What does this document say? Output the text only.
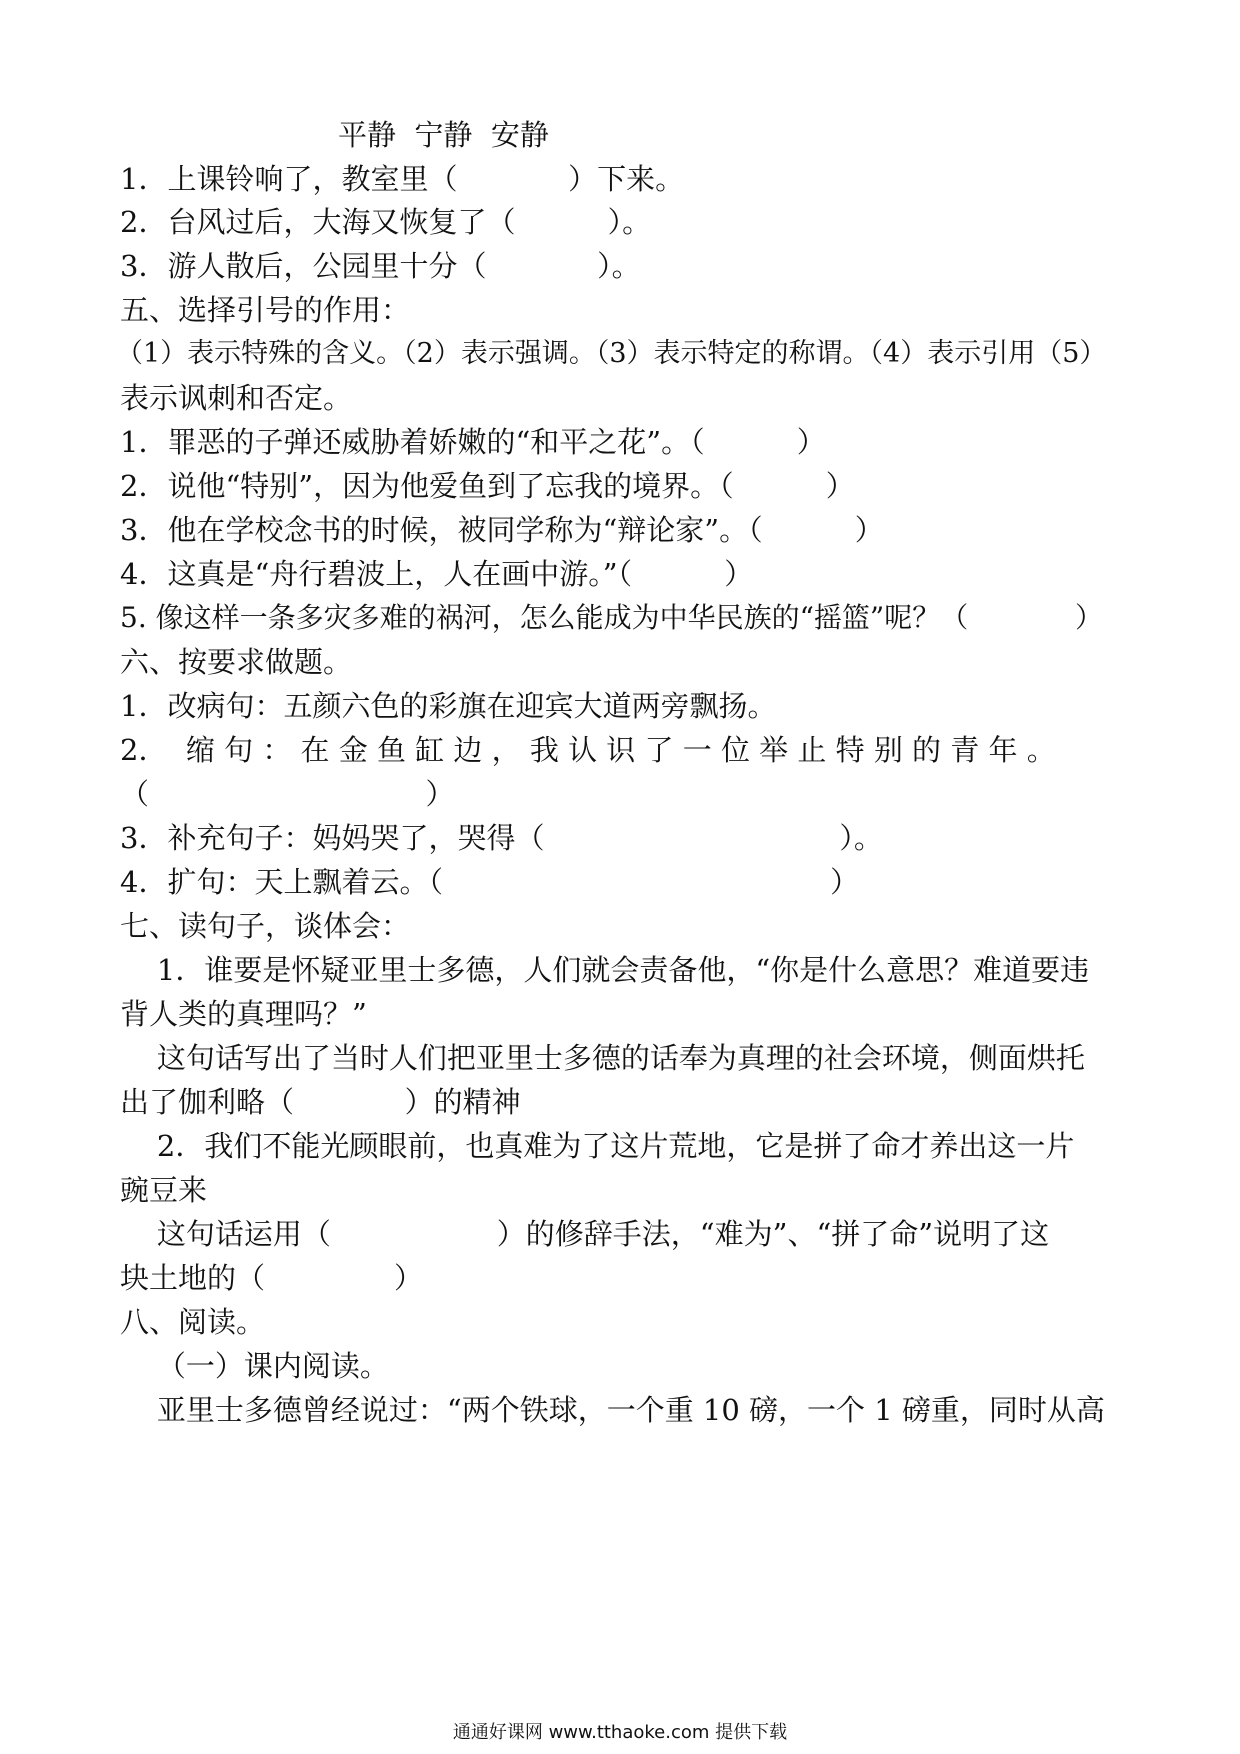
平静  宁静  安静
1．上课铃响了，教室里（            ）下来。
2．台风过后，大海又恢复了（          ）。
3．游人散后，公园里十分（            ）。
五、选择引号的作用：
（1）表示特殊的含义。（2）表示强调。（3）表示特定的称谓。（4）表示引用（5）
表示讽刺和否定。
1．罪恶的子弹还威胁着娇嫩的“和平之花”。（          ）
2．说他“特别”，因为他爱鱼到了忘我的境界。（          ）
3．他在学校念书的时候，被同学称为“辩论家”。（          ）
4．这真是“舟行碧波上，人在画中游。”（          ）
5. 像这样一条多灾多难的祸河，怎么能成为中华民族的“摇篮”呢？（            ）
六、按要求做题。
1．改病句：五颜六色的彩旗在迎宾大道两旁飘扬。
2．  缩 句 ： 在 金 鱼 缸 边 ， 我 认 识 了 一 位 举 止 特 别 的 青 年 。
（                              ）
3．补充句子：妈妈哭了，哭得（                                ）。
4．扩句：天上飘着云。（                                          ）
七、读句子，谈体会：
1．谁要是怀疑亚里士多德，人们就会责备他，“你是什么意思？难道要违
背人类的真理吗？”
这句话写出了当时人们把亚里士多德的话奉为真理的社会环境，侧面烘托
出了伽利略（            ）的精神
2．我们不能光顾眼前，也真难为了这片荒地，它是拼了命才养出这一片
豌豆来
这句话运用（                  ）的修辞手法，“难为”、“拼了命”说明了这
块土地的（              ）
八、阅读。
（一）课内阅读。
亚里士多德曾经说过：“两个铁球，一个重 10 磅，一个 1 磅重，同时从高
通通好课网 www.tthaoke.com 提供下载
